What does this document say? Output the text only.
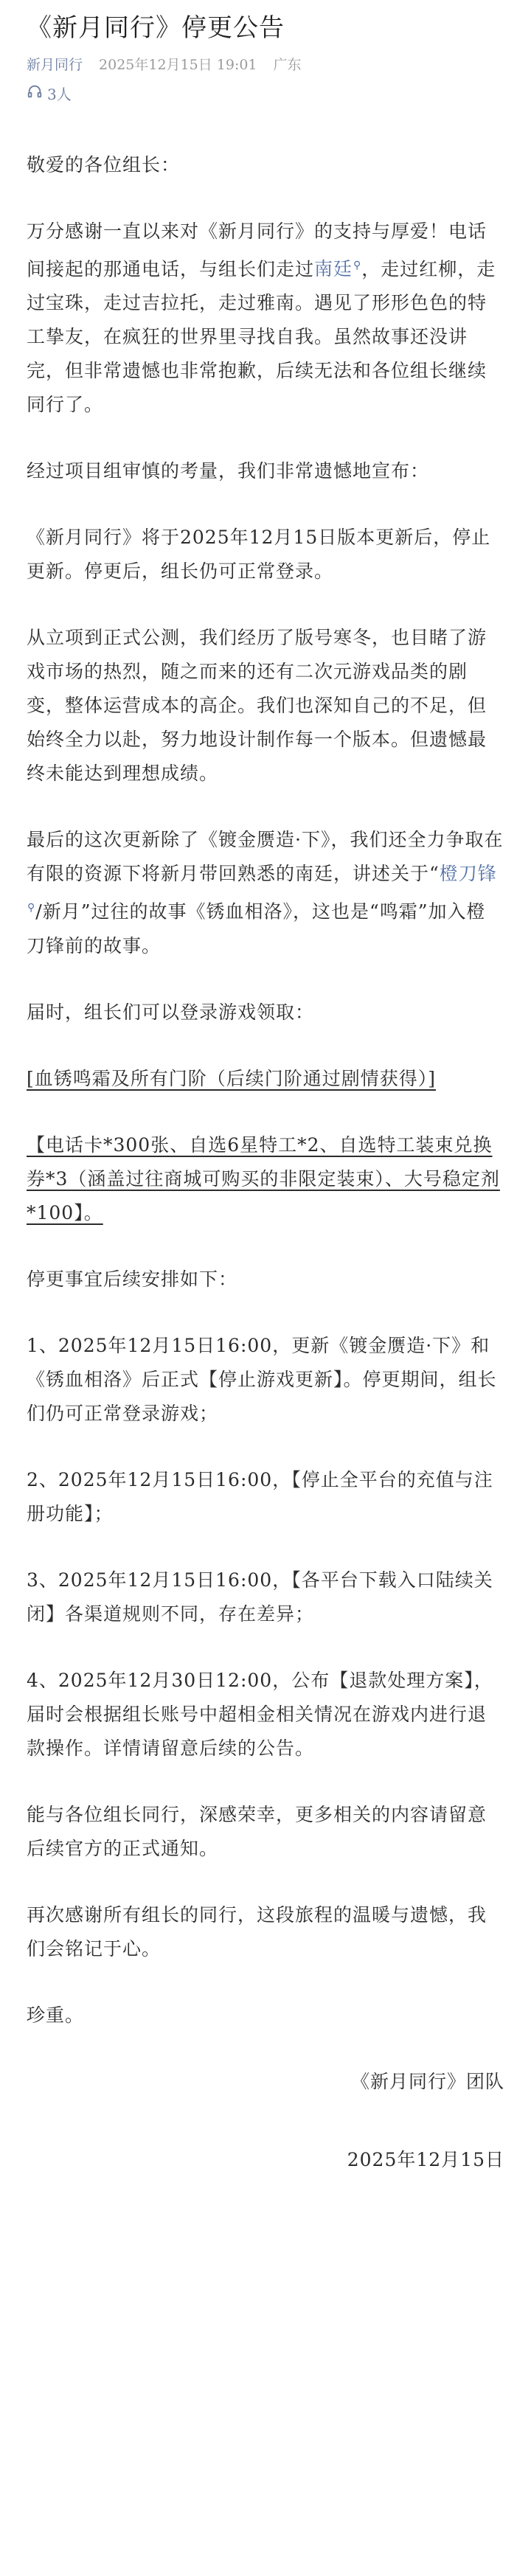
《新月同行》停更公告
新月同行 2025年12月15日 19:01 广东
3人

敬爱的各位组长：

万分感谢一直以来对《新月同行》的支持与厚爱！电话间接起的那通电话，与组长们走过南廷⚲，走过红柳，走过宝珠，走过吉拉托，走过雅南。遇见了形形色色的特工挚友，在疯狂的世界里寻找自我。虽然故事还没讲完，但非常遗憾也非常抱歉，后续无法和各位组长继续同行了。

经过项目组审慎的考量，我们非常遗憾地宣布：

《新月同行》将于2025年12月15日版本更新后，停止更新。停更后，组长仍可正常登录。

从立项到正式公测，我们经历了版号寒冬，也目睹了游戏市场的热烈，随之而来的还有二次元游戏品类的剧变，整体运营成本的高企。我们也深知自己的不足，但始终全力以赴，努力地设计制作每一个版本。但遗憾最终未能达到理想成绩。

最后的这次更新除了《镀金赝造·下》，我们还全力争取在有限的资源下将新月带回熟悉的南廷，讲述关于“橙刀锋⚲/新月”过往的故事《锈血相洛》，这也是“鸣霜”加入橙刀锋前的故事。

届时，组长们可以登录游戏领取：

[血锈鸣霜及所有门阶（后续门阶通过剧情获得）]

【电话卡*300张、自选6星特工*2、自选特工装束兑换券*3（涵盖过往商城可购买的非限定装束）、大号稳定剂*100】。

停更事宜后续安排如下：

1、2025年12月15日16:00，更新《镀金赝造·下》和《锈血相洛》后正式【停止游戏更新】。停更期间，组长们仍可正常登录游戏；

2、2025年12月15日16:00，【停止全平台的充值与注册功能】；

3、2025年12月15日16:00，【各平台下载入口陆续关闭】各渠道规则不同，存在差异；

4、2025年12月30日12:00，公布【退款处理方案】，届时会根据组长账号中超相金相关情况在游戏内进行退款操作。详情请留意后续的公告。

能与各位组长同行，深感荣幸，更多相关的内容请留意后续官方的正式通知。

再次感谢所有组长的同行，这段旅程的温暖与遗憾，我们会铭记于心。

珍重。

《新月同行》团队
2025年12月15日
